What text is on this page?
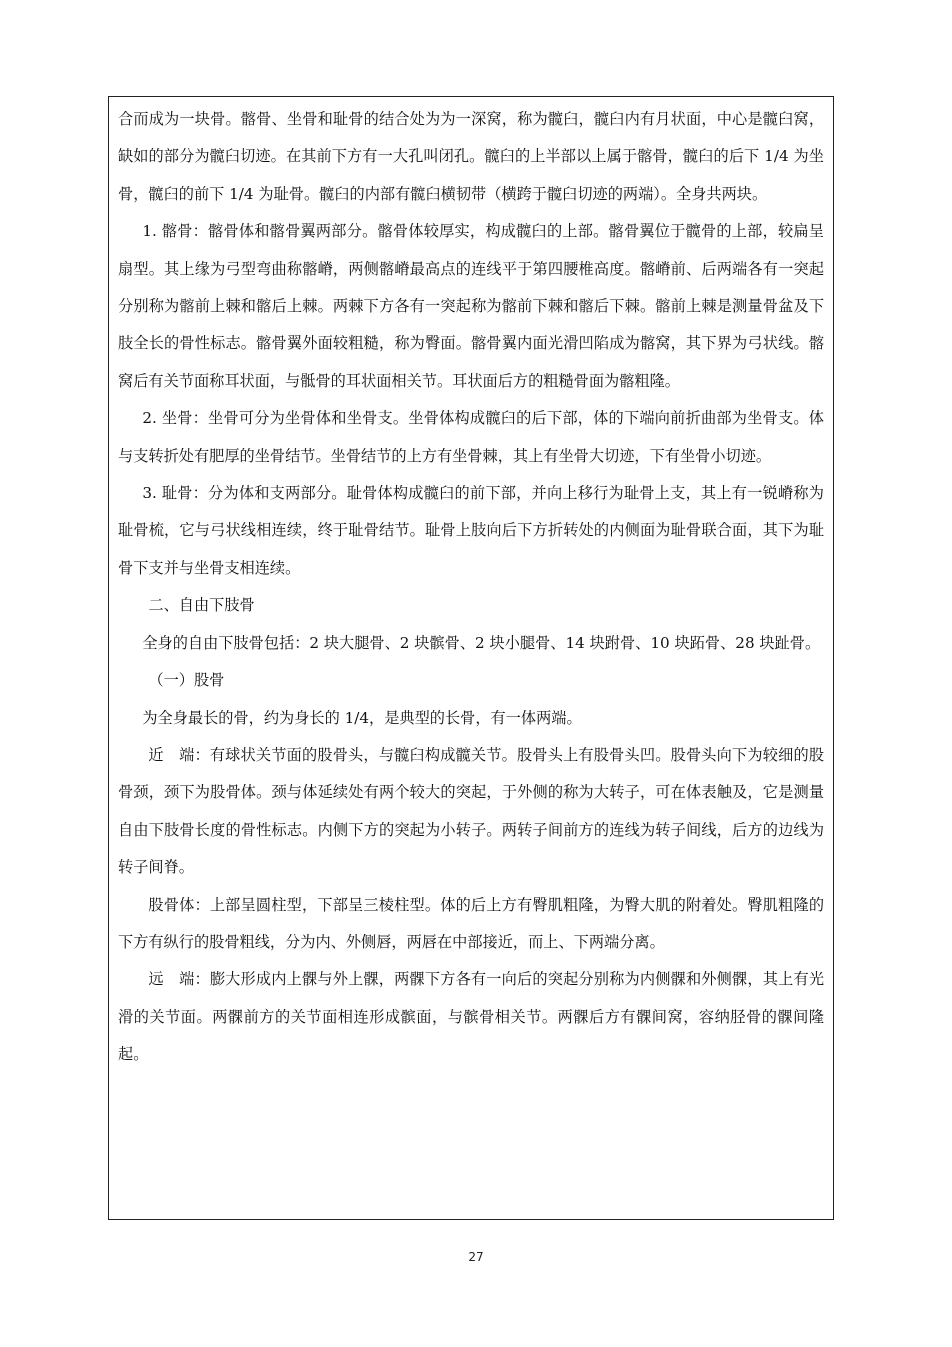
合而成为一块骨。髂骨、坐骨和耻骨的结合处为为一深窝，称为髋臼，髋臼内有月状面，中心是髋臼窝，缺如的部分为髋臼切迹。在其前下方有一大孔叫闭孔。髋臼的上半部以上属于髂骨，髋臼的后下 1/4 为坐骨，髋臼的前下 1/4 为耻骨。髋臼的内部有髋臼横韧带（横跨于髋臼切迹的两端）。全身共两块。

1. 髂骨：髂骨体和髂骨翼两部分。髂骨体较厚实，构成髋臼的上部。髂骨翼位于髋骨的上部，较扁呈扇型。其上缘为弓型弯曲称髂嵴，两侧髂嵴最高点的连线平于第四腰椎高度。髂嵴前、后两端各有一突起分别称为髂前上棘和髂后上棘。两棘下方各有一突起称为髂前下棘和髂后下棘。髂前上棘是测量骨盆及下肢全长的骨性标志。髂骨翼外面较粗糙，称为臀面。髂骨翼内面光滑凹陷成为髂窝，其下界为弓状线。髂窝后有关节面称耳状面，与骶骨的耳状面相关节。耳状面后方的粗糙骨面为髂粗隆。

2. 坐骨：坐骨可分为坐骨体和坐骨支。坐骨体构成髋臼的后下部，体的下端向前折曲部为坐骨支。体与支转折处有肥厚的坐骨结节。坐骨结节的上方有坐骨棘，其上有坐骨大切迹，下有坐骨小切迹。

3. 耻骨：分为体和支两部分。耻骨体构成髋臼的前下部，并向上移行为耻骨上支，其上有一锐嵴称为耻骨梳，它与弓状线相连续，终于耻骨结节。耻骨上肢向后下方折转处的内侧面为耻骨联合面，其下为耻骨下支并与坐骨支相连续。

二、自由下肢骨

全身的自由下肢骨包括：2 块大腿骨、2 块髌骨、2 块小腿骨、14 块跗骨、10 块跖骨、28 块趾骨。

（一）股骨

为全身最长的骨，约为身长的 1/4，是典型的长骨，有一体两端。

近　端：有球状关节面的股骨头，与髋臼构成髋关节。股骨头上有股骨头凹。股骨头向下为较细的股骨颈，颈下为股骨体。颈与体延续处有两个较大的突起，于外侧的称为大转子，可在体表触及，它是测量自由下肢骨长度的骨性标志。内侧下方的突起为小转子。两转子间前方的连线为转子间线，后方的边线为转子间脊。

股骨体：上部呈圆柱型，下部呈三棱柱型。体的后上方有臀肌粗隆，为臀大肌的附着处。臀肌粗隆的下方有纵行的股骨粗线，分为内、外侧唇，两唇在中部接近，而上、下两端分离。

远　端：膨大形成内上髁与外上髁，两髁下方各有一向后的突起分别称为内侧髁和外侧髁，其上有光滑的关节面。两髁前方的关节面相连形成髌面，与髌骨相关节。两髁后方有髁间窝，容纳胫骨的髁间隆起。

27
